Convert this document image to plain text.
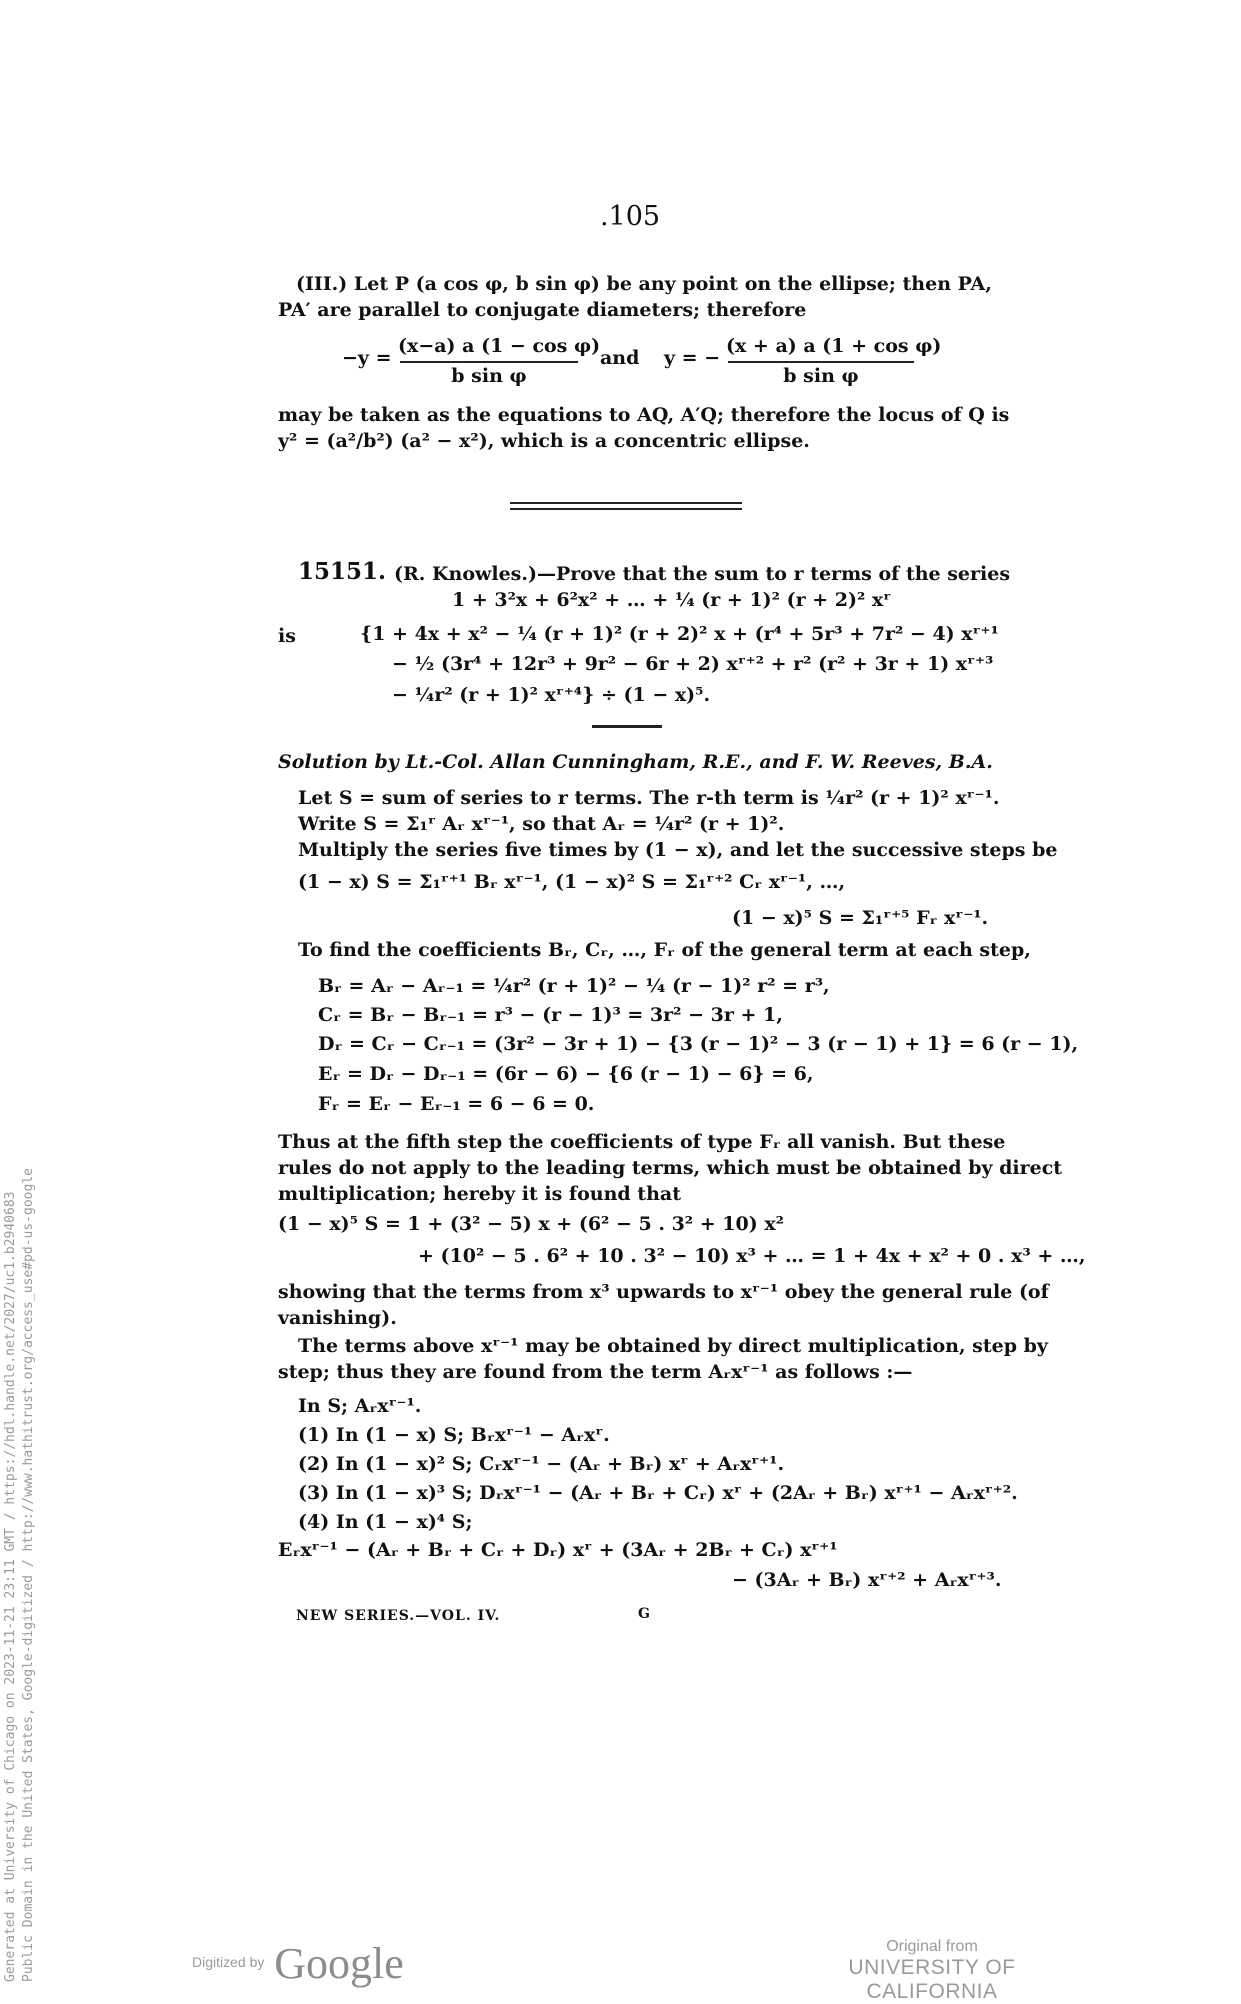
.105
(III.) Let P (a cos φ, b sin φ) be any point on the ellipse; then PA,
PA′ are parallel to conjugate diameters; therefore
−y =
(x−a) a (1 − cos φ)
b sin φ
and y = −
(x + a) a (1 + cos φ)
b sin φ
may be taken as the equations to AQ, A′Q; therefore the locus of Q is
y² = (a²/b²) (a² − x²), which is a concentric ellipse.
15151. (R. Knowles.)—Prove that the sum to r terms of the series
1 + 3²x + 6²x² + … + ¼ (r + 1)² (r + 2)² xʳ
is	{1 + 4x + x² − ¼ (r + 1)² (r + 2)² x + (r⁴ + 5r³ + 7r² − 4) xʳ⁺¹
− ½ (3r⁴ + 12r³ + 9r² − 6r + 2) xʳ⁺² + r² (r² + 3r + 1) xʳ⁺³
− ¼r² (r + 1)² xʳ⁺⁴} ÷ (1 − x)⁵.
Solution by Lt.-Col. Allan Cunningham, R.E., and F. W. Reeves, B.A.
Let S = sum of series to r terms. The r-th term is ¼r² (r + 1)² xʳ⁻¹.
Write S = Σ₁ʳ Aᵣ xʳ⁻¹, so that Aᵣ = ¼r² (r + 1)².
Multiply the series five times by (1 − x), and let the successive steps be
(1 − x) S = Σ₁ʳ⁺¹ Bᵣ xʳ⁻¹, (1 − x)² S = Σ₁ʳ⁺² Cᵣ xʳ⁻¹, …,
(1 − x)⁵ S = Σ₁ʳ⁺⁵ Fᵣ xʳ⁻¹.
To find the coefficients Bᵣ, Cᵣ, …, Fᵣ of the general term at each step,
Bᵣ = Aᵣ − Aᵣ₋₁ = ¼r² (r + 1)² − ¼ (r − 1)² r² = r³,
Cᵣ = Bᵣ − Bᵣ₋₁ = r³ − (r − 1)³ = 3r² − 3r + 1,
Dᵣ = Cᵣ − Cᵣ₋₁ = (3r² − 3r + 1) − {3 (r − 1)² − 3 (r − 1) + 1} = 6 (r − 1),
Eᵣ = Dᵣ − Dᵣ₋₁ = (6r − 6) − {6 (r − 1) − 6} = 6,
Fᵣ = Eᵣ − Eᵣ₋₁ = 6 − 6 = 0.
Thus at the fifth step the coefficients of type Fᵣ all vanish. But these
rules do not apply to the leading terms, which must be obtained by direct
multiplication; hereby it is found that
(1 − x)⁵ S = 1 + (3² − 5) x + (6² − 5 . 3² + 10) x²
+ (10² − 5 . 6² + 10 . 3² − 10) x³ + … = 1 + 4x + x² + 0 . x³ + …,
showing that the terms from x³ upwards to xʳ⁻¹ obey the general rule (of
vanishing).
The terms above xʳ⁻¹ may be obtained by direct multiplication, step by
step; thus they are found from the term Aᵣxʳ⁻¹ as follows :—
In S; Aᵣxʳ⁻¹.
(1) In (1 − x) S; Bᵣxʳ⁻¹ − Aᵣxʳ.
(2) In (1 − x)² S; Cᵣxʳ⁻¹ − (Aᵣ + Bᵣ) xʳ + Aᵣxʳ⁺¹.
(3) In (1 − x)³ S; Dᵣxʳ⁻¹ − (Aᵣ + Bᵣ + Cᵣ) xʳ + (2Aᵣ + Bᵣ) xʳ⁺¹ − Aᵣxʳ⁺².
(4) In (1 − x)⁴ S;
Eᵣxʳ⁻¹ − (Aᵣ + Bᵣ + Cᵣ + Dᵣ) xʳ + (3Aᵣ + 2Bᵣ + Cᵣ) xʳ⁺¹
− (3Aᵣ + Bᵣ) xʳ⁺² + Aᵣxʳ⁺³.
NEW SERIES.—VOL. IV.	G
Generated at University of Chicago on 2023-11-21 23:11 GMT / https://hdl.handle.net/2027/uc1.b2940683 Public Domain in the United States, Google-digitized / http://www.hathitrust.org/access_use#pd-us-google	Digitized by Google	Original from
UNIVERSITY OF CALIFORNIA
